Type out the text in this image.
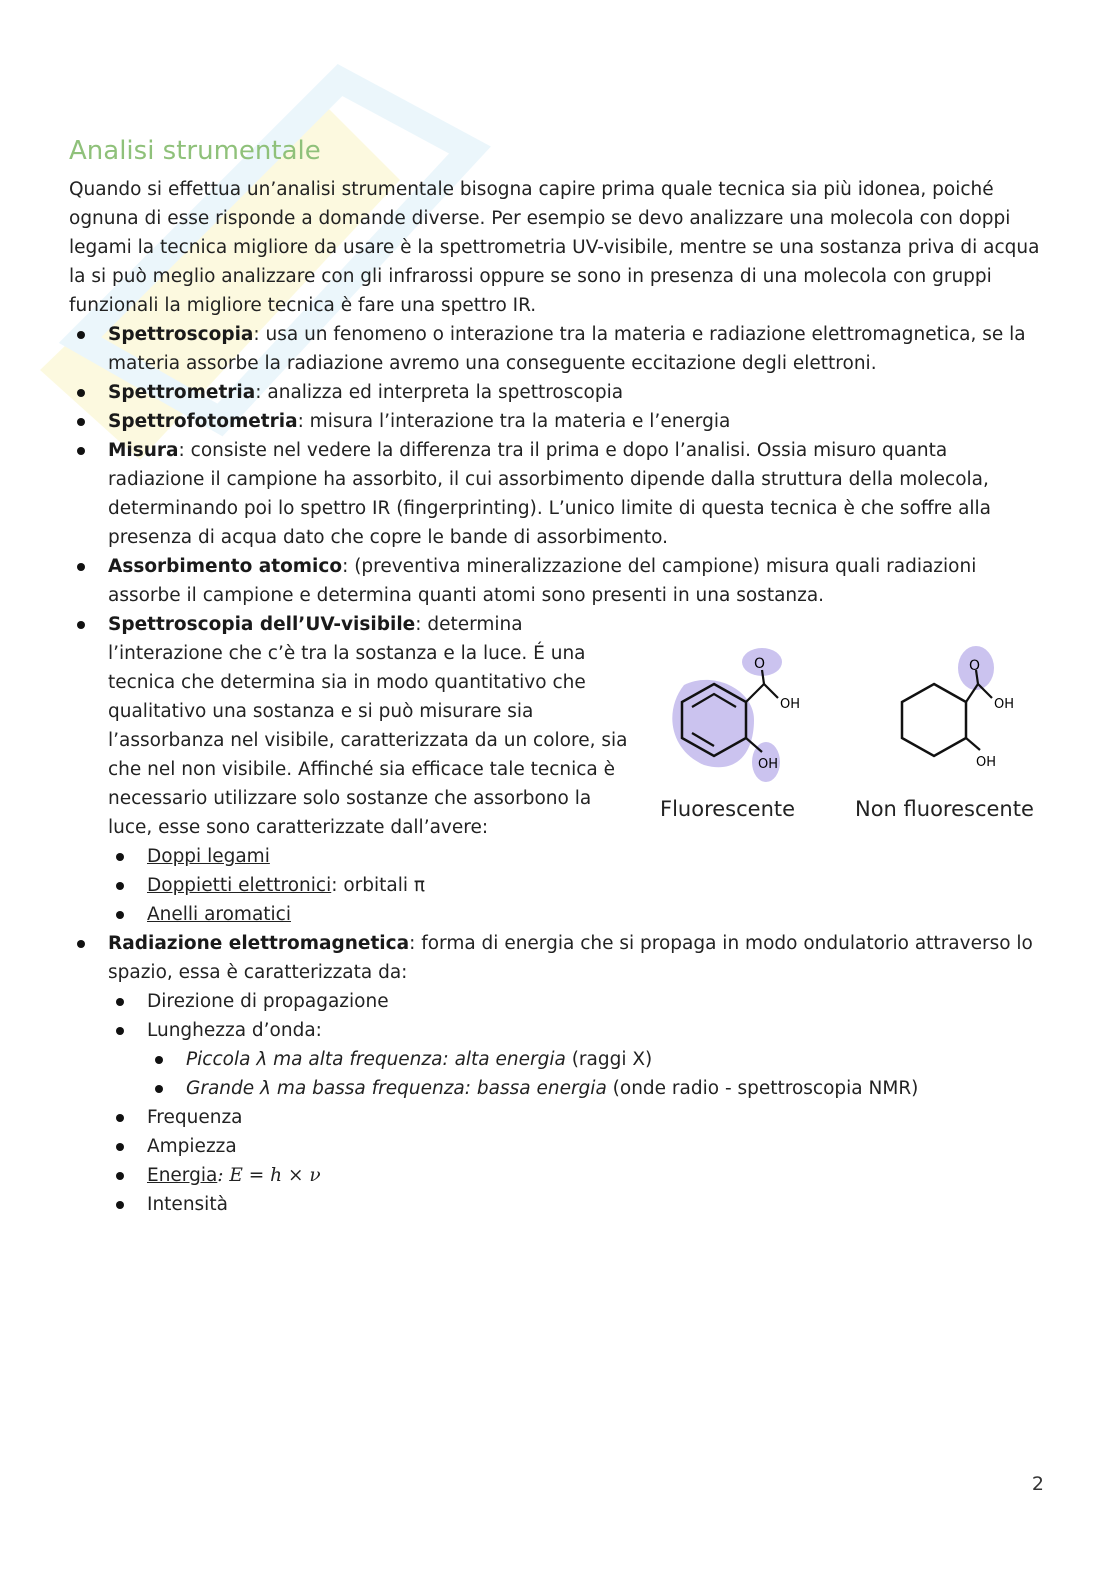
Analisi strumentale

Quando si effettua un’analisi strumentale bisogna capire prima quale tecnica sia più idonea, poiché ognuna di esse risponde a domande diverse. Per esempio se devo analizzare una molecola con doppi legami la tecnica migliore da usare è la spettrometria UV-visibile, mentre se una sostanza priva di acqua la si può meglio analizzare con gli infrarossi oppure se sono in presenza di una molecola con gruppi funzionali la migliore tecnica è fare una spettro IR.

Spettroscopia: usa un fenomeno o interazione tra la materia e radiazione elettromagnetica, se la materia assorbe la radiazione avremo una conseguente eccitazione degli elettroni.
Spettrometria: analizza ed interpreta la spettroscopia
Spettrofotometria: misura l’interazione tra la materia e l’energia
Misura: consiste nel vedere la differenza tra il prima e dopo l’analisi. Ossia misuro quanta radiazione il campione ha assorbito, il cui assorbimento dipende dalla struttura della molecola, determinando poi lo spettro IR (fingerprinting). L’unico limite di questa tecnica è che soffre alla presenza di acqua dato che copre le bande di assorbimento.
Assorbimento atomico: (preventiva mineralizzazione del campione) misura quali radiazioni assorbe il campione e determina quanti atomi sono presenti in una sostanza.
Spettroscopia dell’UV-visibile: determina l’interazione che c’è tra la sostanza e la luce. É una tecnica che determina sia in modo quantitativo che qualitativo una sostanza e si può misurare sia l’assorbanza nel visibile, caratterizzata da un colore, sia che nel non visibile. Affinché sia efficace tale tecnica è necessario utilizzare solo sostanze che assorbono la luce, esse sono caratterizzate dall’avere:
O
OH
OH
O
OH
OH
Fluorescente	Non fluorescente
Doppi legami
Doppietti elettronici: orbitali π
Anelli aromatici
Radiazione elettromagnetica: forma di energia che si propaga in modo ondulatorio attraverso lo spazio, essa è caratterizzata da:
Direzione di propagazione
Lunghezza d’onda:
Piccola λ ma alta frequenza: alta energia (raggi X)
Grande λ ma bassa frequenza: bassa energia (onde radio - spettroscopia NMR)
Frequenza
Ampiezza
Energia: E = h × ν
Intensità
2
